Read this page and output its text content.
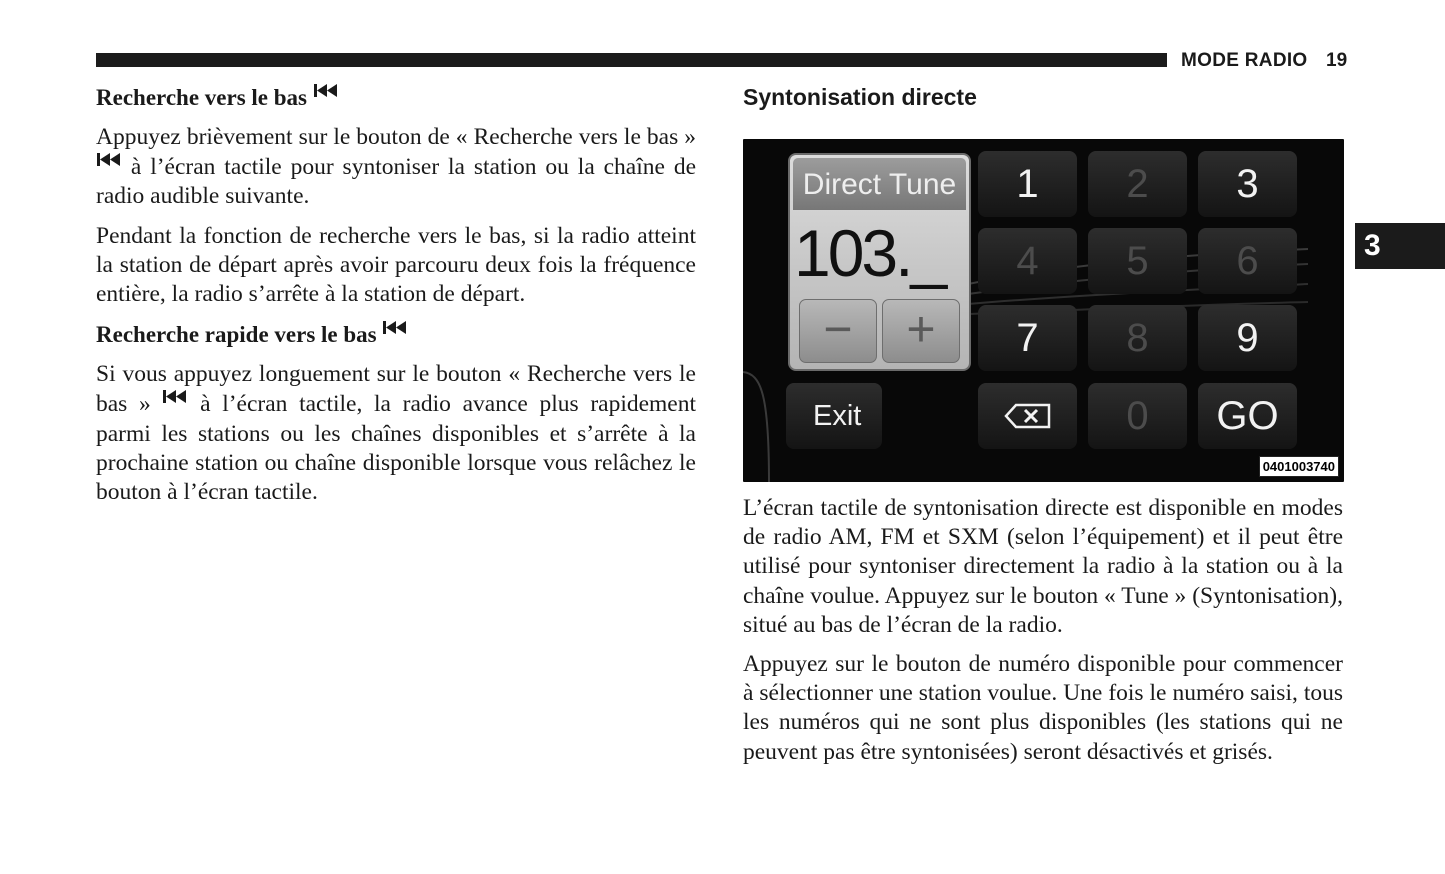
MODE RADIO 19
3
Recherche vers le bas

Appuyez brièvement sur le bouton de « Recherche vers le bas »  à l’écran tactile pour syntoniser la station ou la chaîne de radio audible suivante.

Pendant la fonction de recherche vers le bas, si la radio atteint la station de départ après avoir parcouru deux fois la fréquence entière, la radio s’arrête à la station de départ.

Recherche rapide vers le bas

Si vous appuyez longuement sur le bouton « Recherche vers le bas » à l’écran tactile, la radio avance plus rapidement parmi les stations ou les chaînes disponibles et s’arrête à la prochaine station ou chaîne disponible lorsque vous relâchez le bouton à l’écran tactile.

Syntonisation directe
Direct Tune
103._
−	+
1	2	3
4	5	6
7	8	9
Exit	0	GO
0401003740

L’écran tactile de syntonisation directe est disponible en modes de radio AM, FM et SXM (selon l’équipement) et il peut être utilisé pour syntoniser directement la radio à la station ou à la chaîne voulue. Appuyez sur le bouton « Tune » (Syntonisation), situé au bas de l’écran de la radio.

Appuyez sur le bouton de numéro disponible pour commencer à sélectionner une station voulue. Une fois le numéro saisi, tous les numéros qui ne sont plus disponibles (les stations qui ne peuvent pas être syntonisées) seront désactivés et grisés.
